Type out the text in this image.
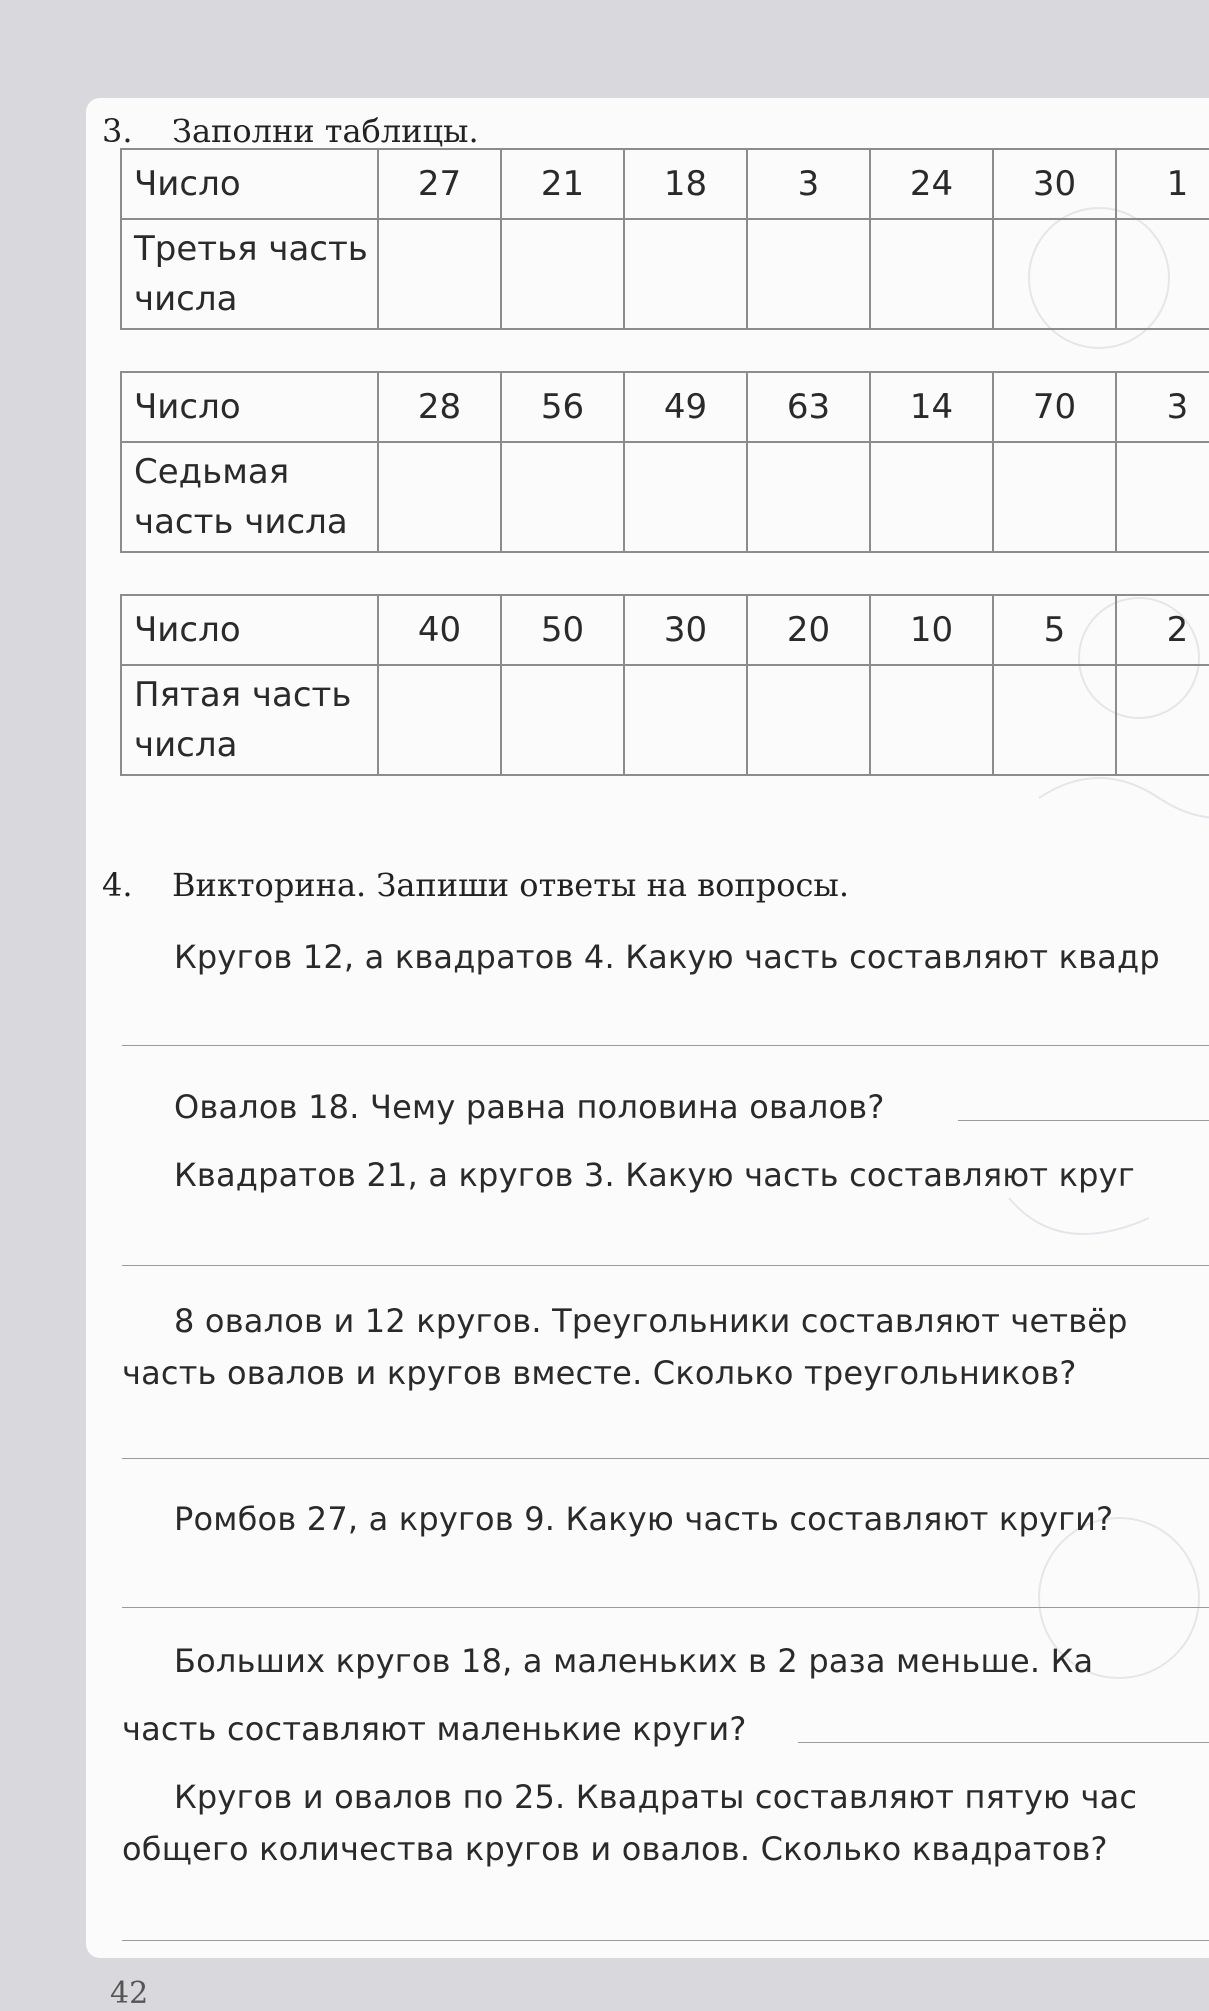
3. Заполни таблицы.
Число	27	21	18	3	24	30	1
Третья часть
числа							
Число	28	56	49	63	14	70	3
Седьмая
часть числа							
Число	40	50	30	20	10	5	2
Пятая часть
числа							
4. Викторина. Запиши ответы на вопросы.
Кругов 12, а квадратов 4. Какую часть составляют квадр
Овалов 18. Чему равна половина овалов?
Квадратов 21, а кругов 3. Какую часть составляют круг
8 овалов и 12 кругов. Треугольники составляют четвёр
часть овалов и кругов вместе. Сколько треугольников?
Ромбов 27, а кругов 9. Какую часть составляют круги?
Больших кругов 18, а маленьких в 2 раза меньше. Ка
часть составляют маленькие круги?
Кругов и овалов по 25. Квадраты составляют пятую час
общего количества кругов и овалов. Сколько квадратов?
42
